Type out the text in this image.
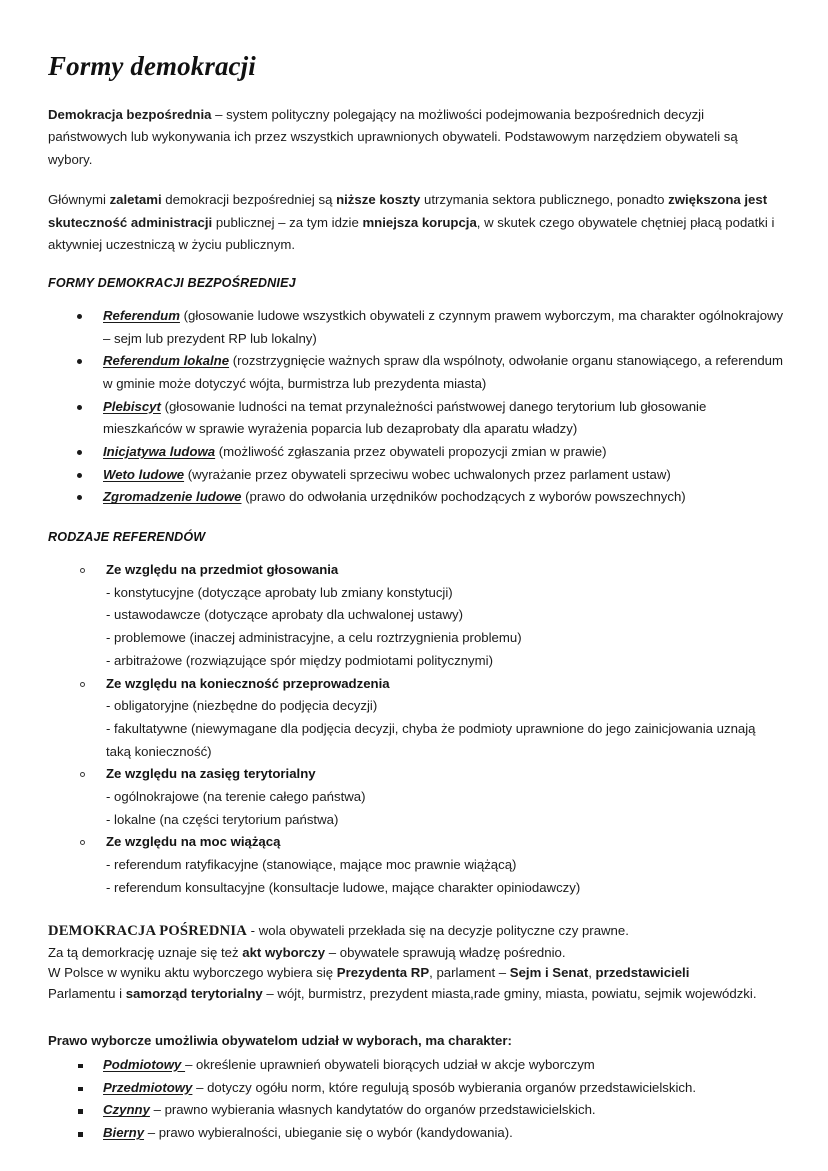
Formy demokracji

Demokracja bezpośrednia – system polityczny polegający na możliwości podejmowania bezpośrednich decyzji państwowych lub wykonywania ich przez wszystkich uprawnionych obywateli. Podstawowym narzędziem obywateli są wybory.

Głównymi zaletami demokracji bezpośredniej są niższe koszty utrzymania sektora publicznego, ponadto zwiększona jest skuteczność administracji publicznej – za tym idzie mniejsza korupcja, w skutek czego obywatele chętniej płacą podatki i aktywniej uczestniczą w życiu publicznym.

FORMY DEMOKRACJI BEZPOŚREDNIEJ
Referendum (głosowanie ludowe wszystkich obywateli z czynnym prawem wyborczym, ma charakter ogólnokrajowy – sejm lub prezydent RP lub lokalny)
Referendum lokalne (rozstrzygnięcie ważnych spraw dla wspólnoty, odwołanie organu stanowiącego, a referendum w gminie może dotyczyć wójta, burmistrza lub prezydenta miasta)
Plebiscyt (głosowanie ludności na temat przynależności państwowej danego terytorium lub głosowanie mieszkańców w sprawie wyrażenia poparcia lub dezaprobaty dla aparatu władzy)
Inicjatywa ludowa (możliwość zgłaszania przez obywateli propozycji zmian w prawie)
Weto ludowe (wyrażanie przez obywateli sprzeciwu wobec uchwalonych przez parlament ustaw)
Zgromadzenie ludowe (prawo do odwołania urzędników pochodzących z wyborów powszechnych)
RODZAJE REFERENDÓW
Ze względu na przedmiot głosowania
- konstytucyjne (dotyczące aprobaty lub zmiany konstytucji)
- ustawodawcze (dotyczące aprobaty dla uchwalonej ustawy)
- problemowe (inaczej administracyjne, a celu roztrzygnienia problemu)
- arbitrażowe (rozwiązujące spór między podmiotami politycznymi)
Ze względu na konieczność przeprowadzenia
- obligatoryjne (niezbędne do podjęcia decyzji)
- fakultatywne (niewymagane dla podjęcia decyzji, chyba że podmioty uprawnione do jego zainicjowania uznają taką konieczność)
Ze względu na zasięg terytorialny
- ogólnokrajowe (na terenie całego państwa)
- lokalne (na części terytorium państwa)
Ze względu na moc wiążącą
- referendum ratyfikacyjne (stanowiące, mające moc prawnie wiążącą)
- referendum konsultacyjne (konsultacje ludowe, mające charakter opiniodawczy)
DEMOKRACJA POŚREDNIA - wola obywateli przekłada się na decyzje polityczne czy prawne.
Za tą demorkrację uznaje się też akt wyborczy – obywatele sprawują władzę pośrednio.
W Polsce w wyniku aktu wyborczego wybiera się Prezydenta RP, parlament – Sejm i Senat, przedstawicieli
Parlamentu i samorząd terytorialny – wójt, burmistrz, prezydent miasta,rade gminy, miasta, powiatu, sejmik wojewódzki.
Prawo wyborcze umożliwia obywatelom udział w wyborach, ma charakter:
Podmiotowy – określenie uprawnień obywateli biorących udział w akcje wyborczym
Przedmiotowy – dotyczy ogółu norm, które regulują sposób wybierania organów przedstawicielskich.
Czynny – prawno wybierania własnych kandytatów do organów przedstawicielskich.
Bierny – prawo wybieralności, ubieganie się o wybór (kandydowania).
